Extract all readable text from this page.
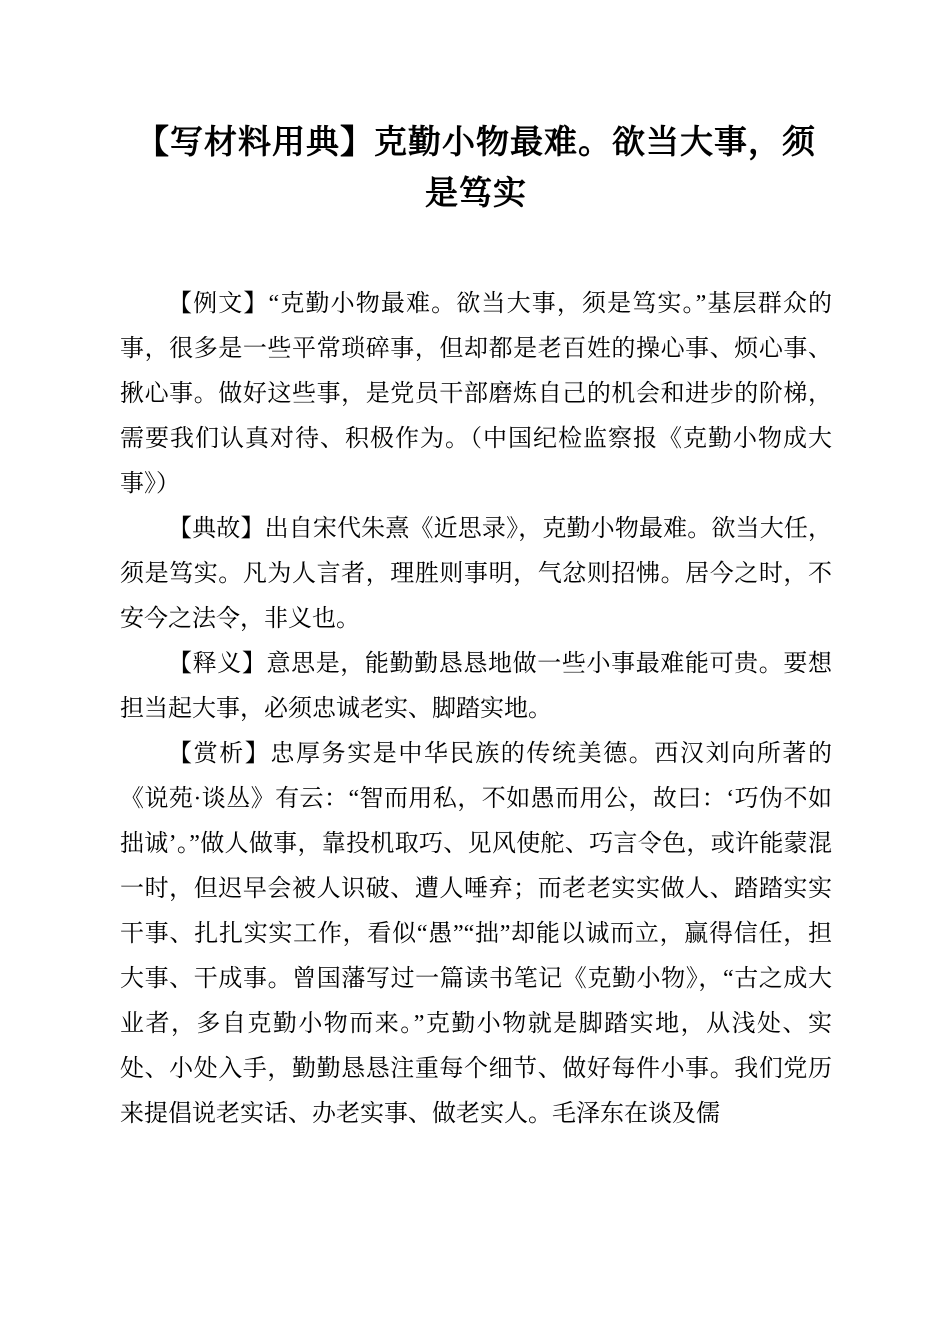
【写材料用典】克勤小物最难。欲当大事，须是笃实

【例文】“克勤小物最难。欲当大事，须是笃实。”基层群众的事，很多是一些平常琐碎事，但却都是老百姓的操心事、烦心事、揪心事。做好这些事，是党员干部磨炼自己的机会和进步的阶梯，需要我们认真对待、积极作为。（中国纪检监察报《克勤小物成大事》）

【典故】出自宋代朱熹《近思录》，克勤小物最难。欲当大任，须是笃实。凡为人言者，理胜则事明，气忿则招怫。居今之时，不安今之法令，非义也。

【释义】意思是，能勤勤恳恳地做一些小事最难能可贵。要想担当起大事，必须忠诚老实、脚踏实地。

【赏析】忠厚务实是中华民族的传统美德。西汉刘向所著的《说苑·谈丛》有云：“智而用私，不如愚而用公，故曰：‘巧伪不如拙诚’。”做人做事，靠投机取巧、见风使舵、巧言令色，或许能蒙混一时，但迟早会被人识破、遭人唾弃；而老老实实做人、踏踏实实干事、扎扎实实工作，看似“愚”“拙”却能以诚而立，赢得信任，担大事、干成事。曾国藩写过一篇读书笔记《克勤小物》，“古之成大业者，多自克勤小物而来。”克勤小物就是脚踏实地，从浅处、实处、小处入手，勤勤恳恳注重每个细节、做好每件小事。我们党历来提倡说老实话、办老实事、做老实人。毛泽东在谈及儒
